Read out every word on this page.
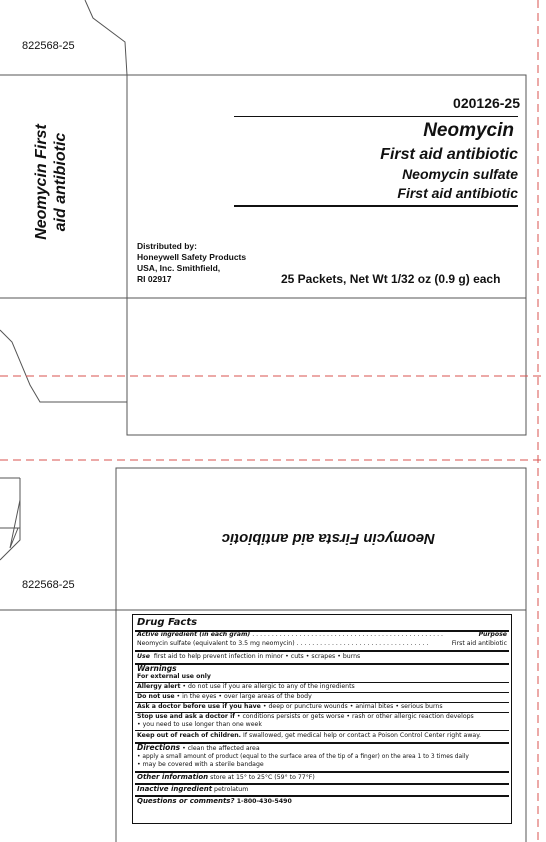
822568-25
Neomycin First aid antibiotic
020126-25
Neomycin
First aid antibiotic
Neomycin sulfate
First aid antibiotic
Distributed by:
Honeywell Safety Products
USA, Inc. Smithfield,
RI 02917	25 Packets, Net Wt 1/32 oz (0.9 g) each
822568-25
Neomycin Firsta aid antibiotic
Drug Facts
Active ingredient (in each gram) . . . . . . . . . . . . . . . . . . . . . . . . . . . . . . . . . . . . . . . . . . . . . . . . .	Purpose
Neomycin sulfate (equivalent to 3.5 mg neomycin) . . . . . . . . . . . . . . . . . . . . . . . . . . . . . . . . . .	First aid antibiotic
Use first aid to help prevent infection in minor • cuts • scrapes • burns
Warnings
For external use only
Allergy alert • do not use if you are allergic to any of the ingredients
Do not use • in the eyes • over large areas of the body
Ask a doctor before use if you have • deep or puncture wounds • animal bites • serious burns
Stop use and ask a doctor if • conditions persists or gets worse • rash or other allergic reaction develops
• you need to use longer than one week
Keep out of reach of children. If swallowed, get medical help or contact a Poison Control Center right away.
Directions • clean the affected area
• apply a small amount of product (equal to the surface area of the tip of a finger) on the area 1 to 3 times daily
• may be covered with a sterile bandage
Other information store at 15° to 25°C (59° to 77°F)
Inactive ingredient petrolatum
Questions or comments? 1-800-430-5490
